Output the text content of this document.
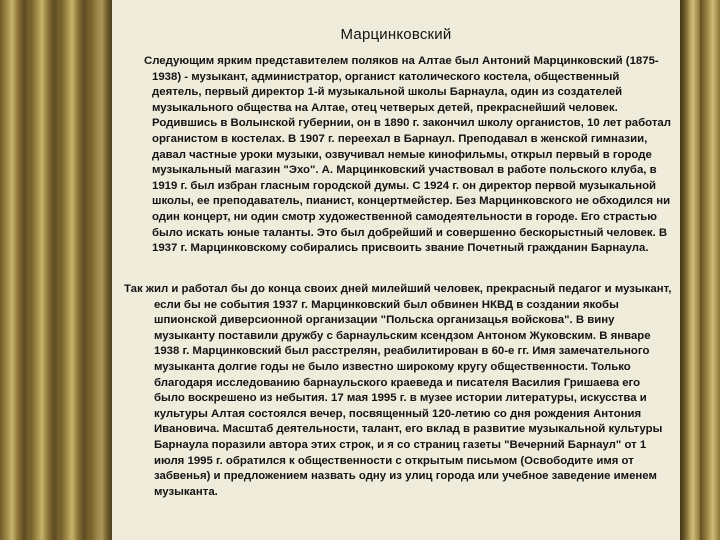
Марцинковский

Следующим ярким представителем поляков на Алтае был Антоний Марцинковский (1875-1938) - музыкант, администратор, органист католического костела, общественный деятель, первый директор 1-й музыкальной школы Барнаула, один из создателей музыкального общества на Алтае, отец четверых детей, прекраснейший человек. Родившись в Волынской губернии, он в 1890 г. закончил школу органистов, 10 лет работал органистом в костелах. В 1907 г. переехал в Барнаул. Преподавал в женской гимназии, давал частные уроки музыки, озвучивал немые кинофильмы, открыл первый в городе музыкальный магазин "Эхо". А. Марцинковский участвовал в работе польского клуба, в 1919 г. был избран гласным городской думы. С 1924 г. он директор первой музыкальной школы, ее преподаватель, пианист, концертмейстер. Без Марцинковского не обходился ни один концерт, ни один смотр художественной самодеятельности в городе. Его страстью было искать юные таланты. Это был добрейший и совершенно бескорыстный человек. В 1937 г. Марцинковскому собирались присвоить звание Почетный гражданин Барнаула.

Так жил и работал бы до конца своих дней милейший человек, прекрасный педагог и музыкант, если бы не события 1937 г. Марцинковский был обвинен НКВД в создании якобы шпионской диверсионной организации "Польска организацья войскова". В вину музыканту поставили дружбу с барнаульским ксендзом Антоном Жуковским. В январе 1938 г. Марцинковский был расстрелян, реабилитирован в 60-е гг. Имя замечательного музыканта долгие годы не было известно широкому кругу общественности. Только благодаря исследованию барнаульского краеведа и писателя Василия Гришаева его было воскрешено из небытия. 17 мая 1995 г. в музее истории литературы, искусства и культуры Алтая состоялся вечер, посвященный 120-летию со дня рождения Антония Ивановича. Масштаб деятельности, талант, его вклад в развитие музыкальной культуры Барнаула поразили автора этих строк, и я со страниц газеты "Вечерний Барнаул" от 1 июля 1995 г. обратился к общественности с открытым письмом (Освободите имя от забвенья) и предложением назвать одну из улиц города или учебное заведение именем музыканта.
